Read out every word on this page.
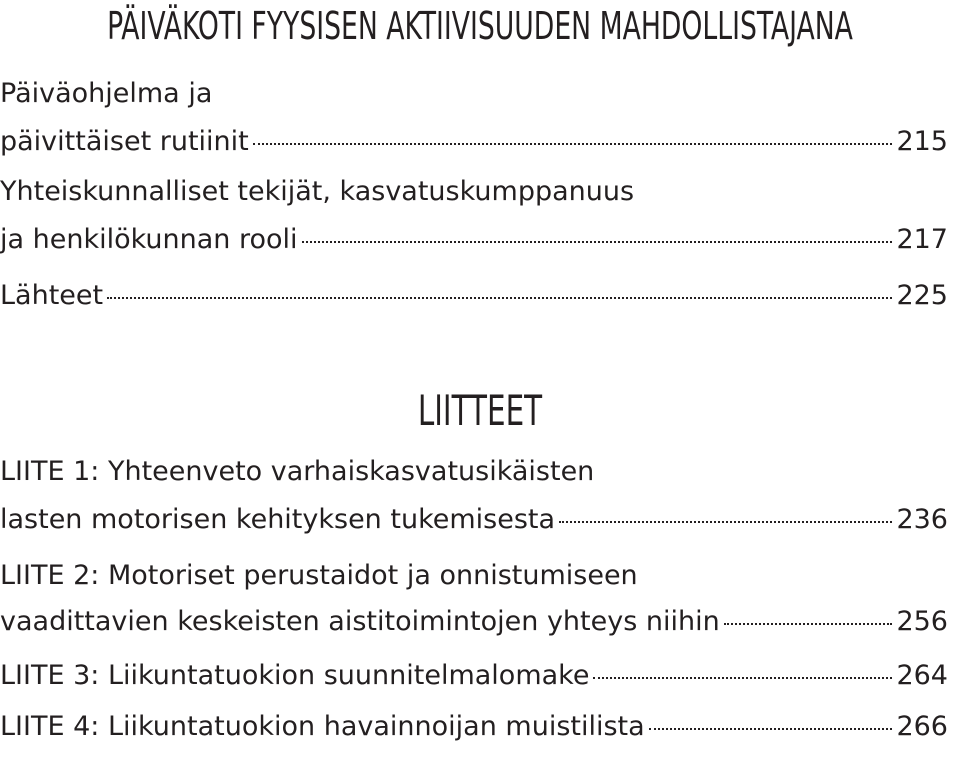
PÄIVÄKOTI FYYSISEN AKTIIVISUUDEN MAHDOLLISTAJANA
Päiväohjelma ja
päivittäiset rutiinit	215
Yhteiskunnalliset tekijät, kasvatuskumppanuus
ja henkilökunnan rooli	217
Lähteet	225
LIITTEET
LIITE 1: Yhteenveto varhaiskasvatusikäisten
lasten motorisen kehityksen tukemisesta	236
LIITE 2: Motoriset perustaidot ja onnistumiseen
vaadittavien keskeisten aistitoimintojen yhteys niihin	256
LIITE 3: Liikuntatuokion suunnitelmalomake	264
LIITE 4: Liikuntatuokion havainnoijan muistilista	266
